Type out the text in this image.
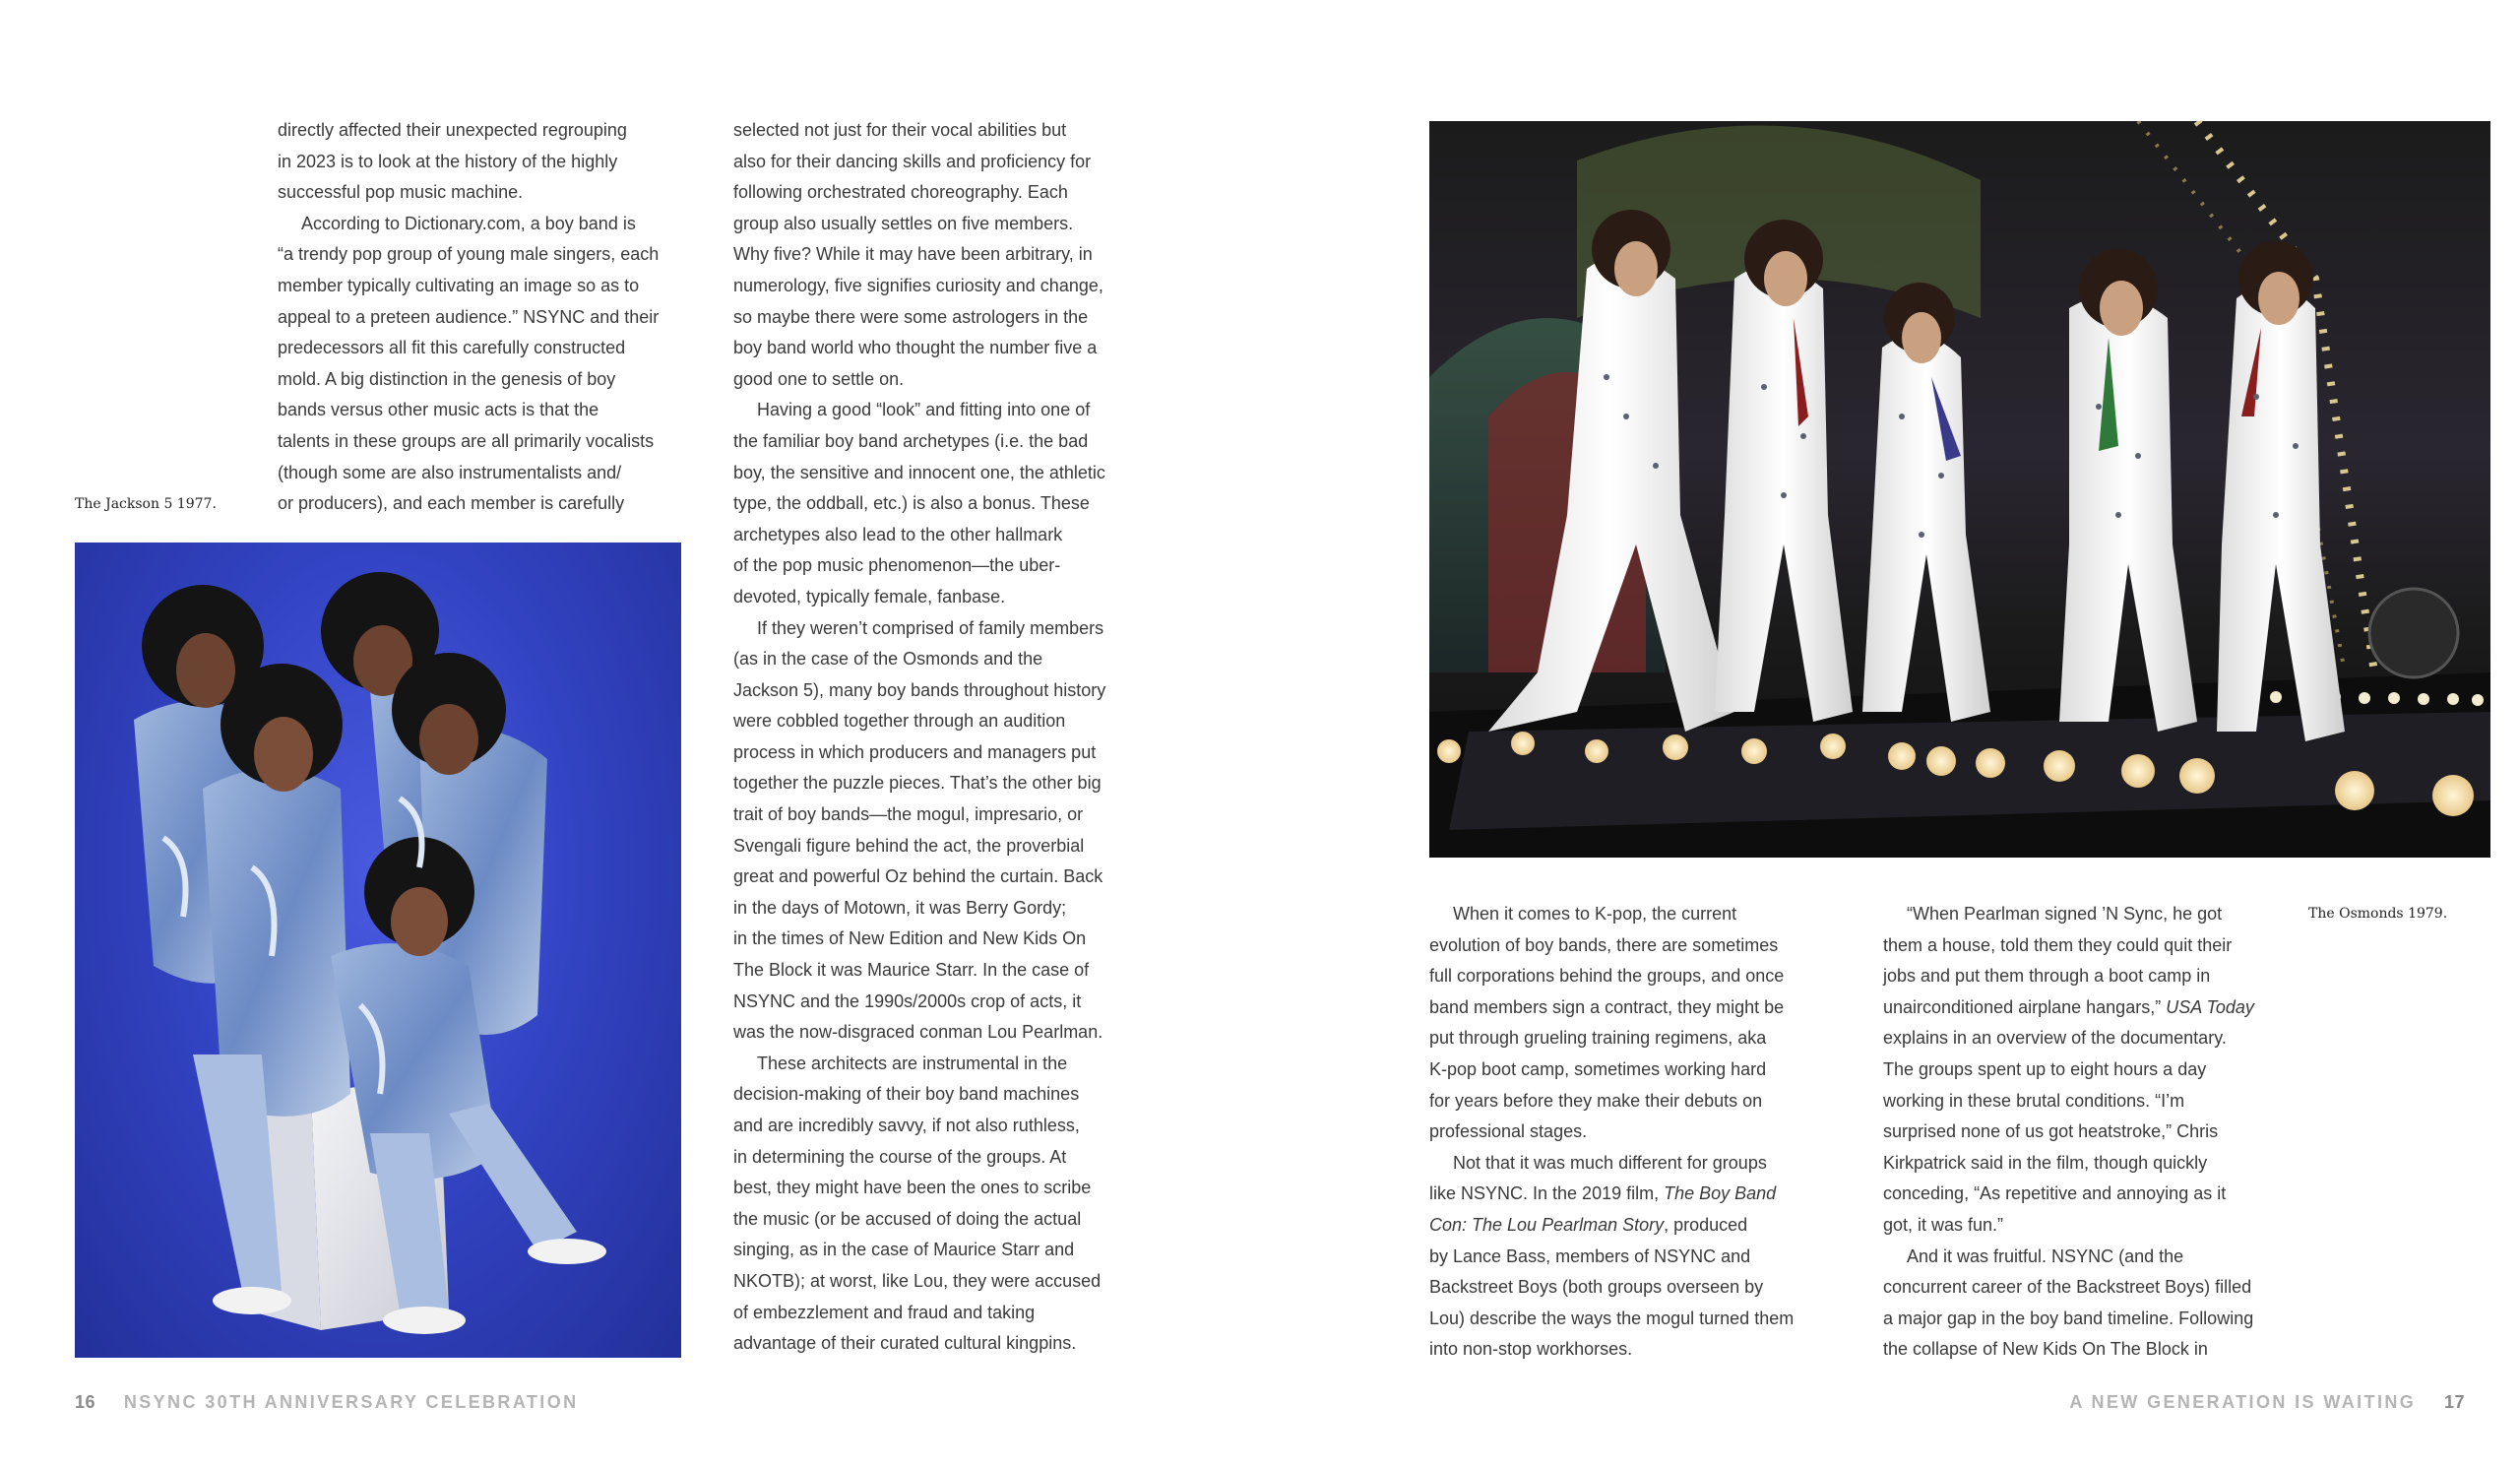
The Jackson 5 1977.
directly affected their unexpected regrouping
in 2023 is to look at the history of the highly
successful pop music machine.
According to Dictionary.com, a boy band is
“a trendy pop group of young male singers, each
member typically cultivating an image so as to
appeal to a preteen audience.” NSYNC and their
predecessors all fit this carefully constructed
mold. A big distinction in the genesis of boy
bands versus other music acts is that the
talents in these groups are all primarily vocalists
(though some are also instrumentalists and/
or producers), and each member is carefully
selected not just for their vocal abilities but
also for their dancing skills and proficiency for
following orchestrated choreography. Each
group also usually settles on five members.
Why five? While it may have been arbitrary, in
numerology, five signifies curiosity and change,
so maybe there were some astrologers in the
boy band world who thought the number five a
good one to settle on.
Having a good “look” and fitting into one of
the familiar boy band archetypes (i.e. the bad
boy, the sensitive and innocent one, the athletic
type, the oddball, etc.) is also a bonus. These
archetypes also lead to the other hallmark
of the pop music phenomenon—the uber-
devoted, typically female, fanbase.
If they weren’t comprised of family members
(as in the case of the Osmonds and the
Jackson 5), many boy bands throughout history
were cobbled together through an audition
process in which producers and managers put
together the puzzle pieces. That’s the other big
trait of boy bands—the mogul, impresario, or
Svengali figure behind the act, the proverbial
great and powerful Oz behind the curtain. Back
in the days of Motown, it was Berry Gordy;
in the times of New Edition and New Kids On
The Block it was Maurice Starr. In the case of
NSYNC and the 1990s/2000s crop of acts, it
was the now-disgraced conman Lou Pearlman.
These architects are instrumental in the
decision-making of their boy band machines
and are incredibly savvy, if not also ruthless,
in determining the course of the groups. At
best, they might have been the ones to scribe
the music (or be accused of doing the actual
singing, as in the case of Maurice Starr and
NKOTB); at worst, like Lou, they were accused
of embezzlement and fraud and taking
advantage of their curated cultural kingpins.
16 NSYNC 30TH ANNIVERSARY CELEBRATION
The Osmonds 1979.
When it comes to K-pop, the current
evolution of boy bands, there are sometimes
full corporations behind the groups, and once
band members sign a contract, they might be
put through grueling training regimens, aka
K-pop boot camp, sometimes working hard
for years before they make their debuts on
professional stages.
Not that it was much different for groups
like NSYNC. In the 2019 film, The Boy Band
Con: The Lou Pearlman Story, produced
by Lance Bass, members of NSYNC and
Backstreet Boys (both groups overseen by
Lou) describe the ways the mogul turned them
into non-stop workhorses.
“When Pearlman signed ’N Sync, he got
them a house, told them they could quit their
jobs and put them through a boot camp in
unairconditioned airplane hangars,” USA Today
explains in an overview of the documentary.
The groups spent up to eight hours a day
working in these brutal conditions. “I’m
surprised none of us got heatstroke,” Chris
Kirkpatrick said in the film, though quickly
conceding, “As repetitive and annoying as it
got, it was fun.”
And it was fruitful. NSYNC (and the
concurrent career of the Backstreet Boys) filled
a major gap in the boy band timeline. Following
the collapse of New Kids On The Block in
A NEW GENERATION IS WAITING 17
